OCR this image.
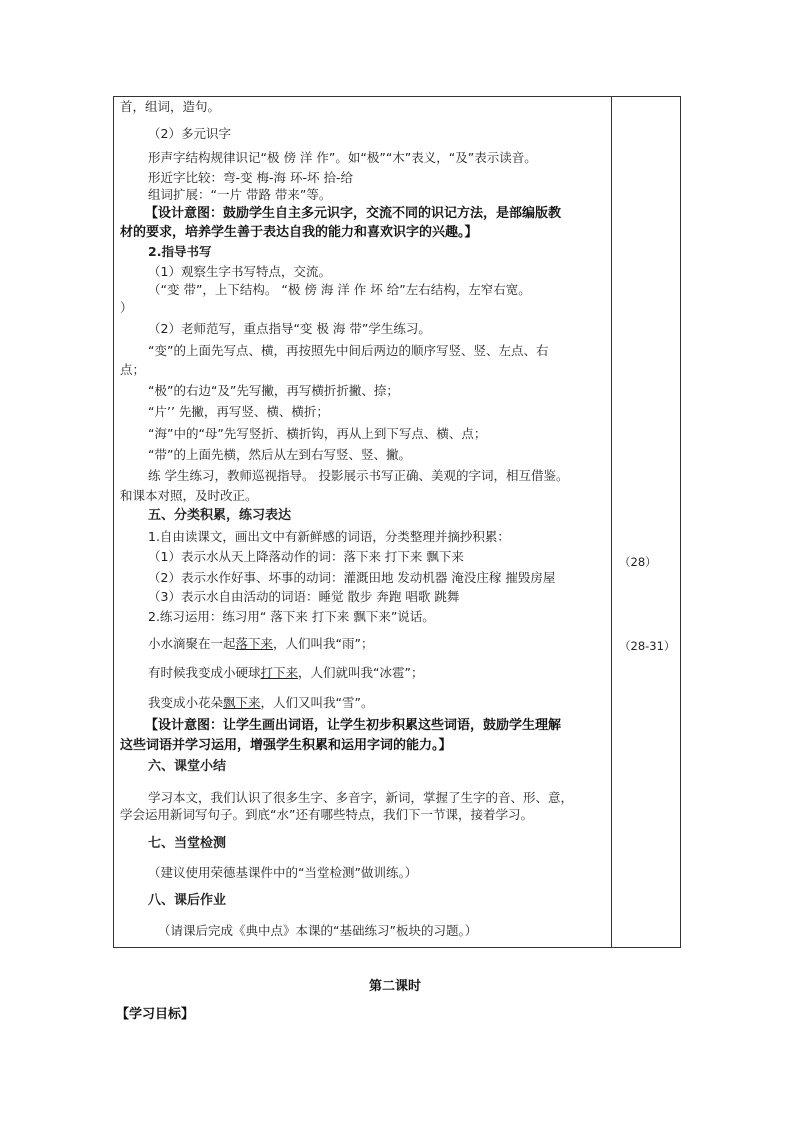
首，组词，造句。
（2）多元识字
形声字结构规律识记“极 傍 洋 作”。如“极”“木”表义，“及”表示读音。
形近字比较：弯-变 梅-海 环-坏 拾-给
组词扩展：“一片 带路 带来”等。
【设计意图：鼓励学生自主多元识字，交流不同的识记方法，是部编版教
材的要求，培养学生善于表达自我的能力和喜欢识字的兴趣。】
2.指导书写
（1）观察生字书写特点，交流。
（“变 带”，上下结构。 “极 傍 海 洋 作 坏 给”左右结构，左窄右宽。
）
（2）老师范写，重点指导“变 极 海 带”学生练习。
“变”的上面先写点、横，再按照先中间后两边的顺序写竖、竖、左点、右
点；
“极”的右边“及”先写撇，再写横折折撇、捺；
“片’’ 先撇，再写竖、横、横折；
“海”中的“母”先写竖折、横折钩，再从上到下写点、横、点；
“带”的上面先横，然后从左到右写竖、竖、撇。
练 学生练习，教师巡视指导。 投影展示书写正确、美观的字词，相互借鉴。
和课本对照，及时改正。
五、分类积累，练习表达
1.自由读课文，画出文中有新鲜感的词语，分类整理并摘抄积累：
（1）表示水从天上降落动作的词：落下来 打下来 飘下来
（2）表示水作好事、坏事的动词：灌溉田地 发动机器 淹没庄稼 摧毁房屋
（3）表示水自由活动的词语：睡觉 散步 奔跑 唱歌 跳舞
2.练习运用：练习用“ 落下来 打下来 飘下来”说话。
小水滴聚在一起落下来，人们叫我“雨”；
有时候我变成小硬球打下来，人们就叫我“冰雹”；
我变成小花朵飘下来，人们又叫我“雪”。
【设计意图：让学生画出词语，让学生初步积累这些词语，鼓励学生理解
这些词语并学习运用，增强学生积累和运用字词的能力。】
六、课堂小结
学习本文，我们认识了很多生字、多音字，新词，掌握了生字的音、形、意，
学会运用新词写句子。到底“水”还有哪些特点，我们下一节课，接着学习。
七、当堂检测
（建议使用荣德基课件中的“当堂检测”做训练。）
八、课后作业
（请课后完成《典中点》本课的“基础练习”板块的习题。）
（28）
（28-31）
第二课时
【学习目标】
